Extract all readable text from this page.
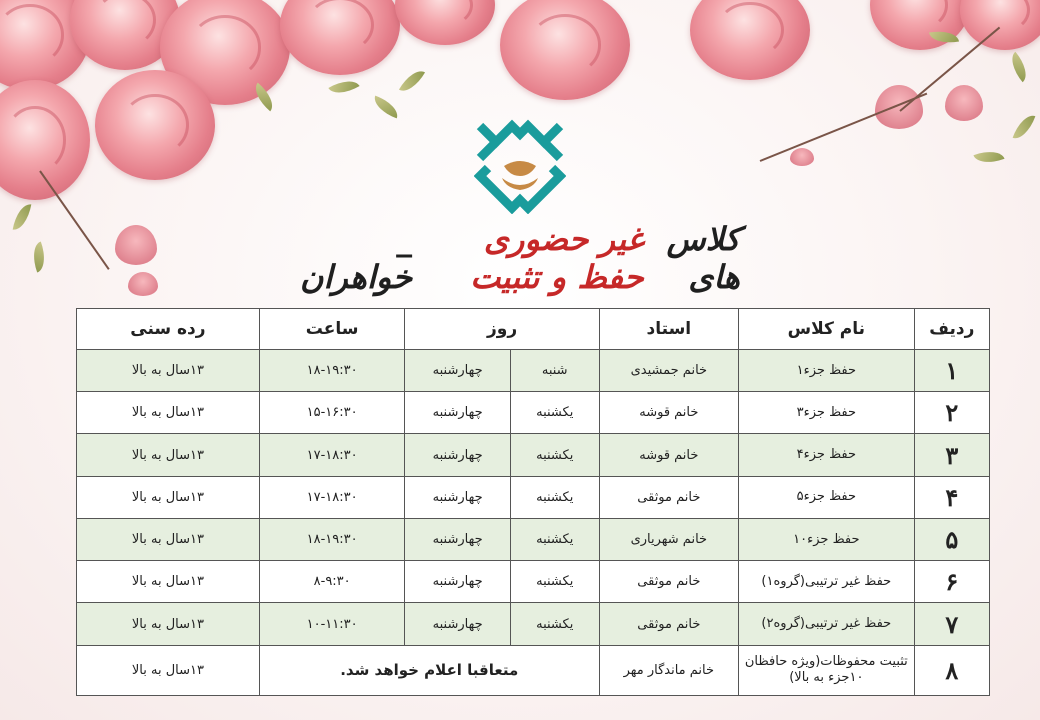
کلاس های
غیر حضوری حفظ و تثبیت
_ خواهران
ردیف	نام کلاس	استاد	روز		ساعت	رده سنی
۱	حفظ جزء۱	خانم جمشیدی	شنبه	چهارشنبه	۱۸-۱۹:۳۰	۱۳سال به بالا
۲	حفظ جزء۳	خانم قوشه	یکشنبه	چهارشنبه	۱۵-۱۶:۳۰	۱۳سال به بالا
۳	حفظ جزء۴	خانم قوشه	یکشنبه	چهارشنبه	۱۷-۱۸:۳۰	۱۳سال به بالا
۴	حفظ جزء۵	خانم موثقی	یکشنبه	چهارشنبه	۱۷-۱۸:۳۰	۱۳سال به بالا
۵	حفظ جزء۱۰	خانم شهریاری	یکشنبه	چهارشنبه	۱۸-۱۹:۳۰	۱۳سال به بالا
۶	حفظ غیر ترتیبی(گروه۱)	خانم موثقی	یکشنبه	چهارشنبه	۸-۹:۳۰	۱۳سال به بالا
۷	حفظ غیر ترتیبی(گروه۲)	خانم موثقی	یکشنبه	چهارشنبه	۱۰-۱۱:۳۰	۱۳سال به بالا
۸	تثبیت محفوظات(ویژه حافظان ۱۰جزء به بالا)	خانم ماندگار مهر	متعاقبا اعلام خواهد شد.			۱۳سال به بالا
